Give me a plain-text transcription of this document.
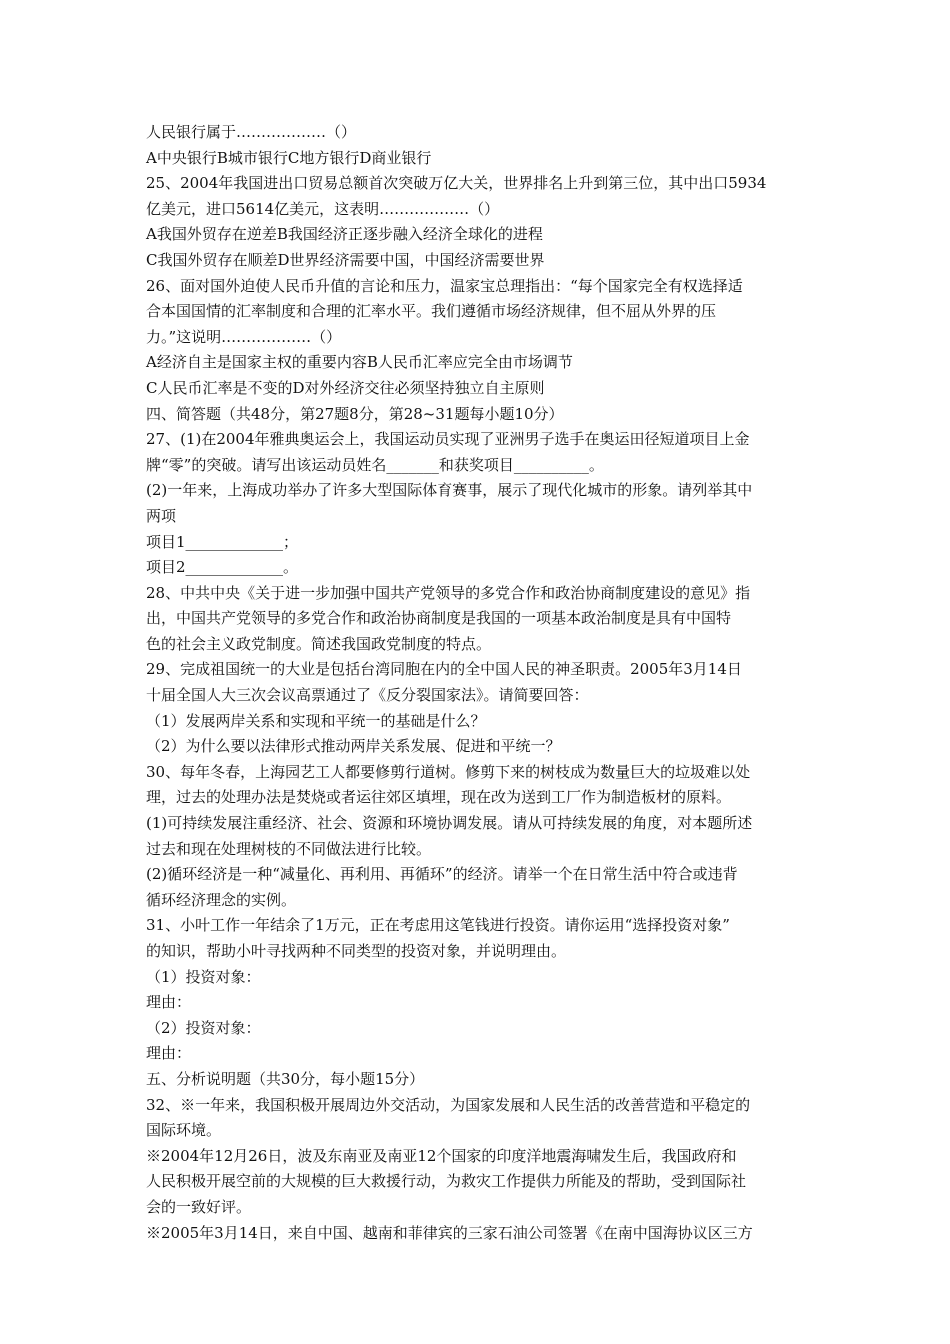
人民银行属于………………（）
A中央银行B城市银行C地方银行D商业银行
25、2004年我国进出口贸易总额首次突破万亿大关，世界排名上升到第三位，其中出口5934
亿美元，进口5614亿美元，这表明………………（）
A我国外贸存在逆差B我国经济正逐步融入经济全球化的进程
C我国外贸存在顺差D世界经济需要中国，中国经济需要世界
26、面对国外迫使人民币升值的言论和压力，温家宝总理指出：“每个国家完全有权选择适
合本国国情的汇率制度和合理的汇率水平。我们遵循市场经济规律，但不屈从外界的压
力。”这说明………………（）
A经济自主是国家主权的重要内容B人民币汇率应完全由市场调节
C人民币汇率是不变的D对外经济交往必须坚持独立自主原则
四、简答题（共48分，第27题8分，第28~31题每小题10分）
27、(1)在2004年雅典奥运会上，我国运动员实现了亚洲男子选手在奥运田径短道项目上金
牌“零”的突破。请写出该运动员姓名_______和获奖项目__________。
(2)一年来，上海成功举办了许多大型国际体育赛事，展示了现代化城市的形象。请列举其中
两项
项目1_____________；
项目2_____________。
28、中共中央《关于进一步加强中国共产党领导的多党合作和政治协商制度建设的意见》指
出，中国共产党领导的多党合作和政治协商制度是我国的一项基本政治制度是具有中国特
色的社会主义政党制度。简述我国政党制度的特点。
29、完成祖国统一的大业是包括台湾同胞在内的全中国人民的神圣职责。2005年3月14日
十届全国人大三次会议高票通过了《反分裂国家法》。请简要回答：
（1）发展两岸关系和实现和平统一的基础是什么？
（2）为什么要以法律形式推动两岸关系发展、促进和平统一？
30、每年冬春，上海园艺工人都要修剪行道树。修剪下来的树枝成为数量巨大的垃圾难以处
理，过去的处理办法是焚烧或者运往郊区填埋，现在改为送到工厂作为制造板材的原料。
(1)可持续发展注重经济、社会、资源和环境协调发展。请从可持续发展的角度，对本题所述
过去和现在处理树枝的不同做法进行比较。
(2)循环经济是一种“减量化、再利用、再循环”的经济。请举一个在日常生活中符合或违背
循环经济理念的实例。
31、小叶工作一年结余了1万元，正在考虑用这笔钱进行投资。请你运用“选择投资对象”
的知识，帮助小叶寻找两种不同类型的投资对象，并说明理由。
（1）投资对象：
理由：
（2）投资对象：
理由：
五、分析说明题（共30分，每小题15分）
32、※一年来，我国积极开展周边外交活动，为国家发展和人民生活的改善营造和平稳定的
国际环境。
※2004年12月26日，波及东南亚及南亚12个国家的印度洋地震海啸发生后，我国政府和
人民积极开展空前的大规模的巨大救援行动，为救灾工作提供力所能及的帮助，受到国际社
会的一致好评。
※2005年3月14日，来自中国、越南和菲律宾的三家石油公司签署《在南中国海协议区三方
